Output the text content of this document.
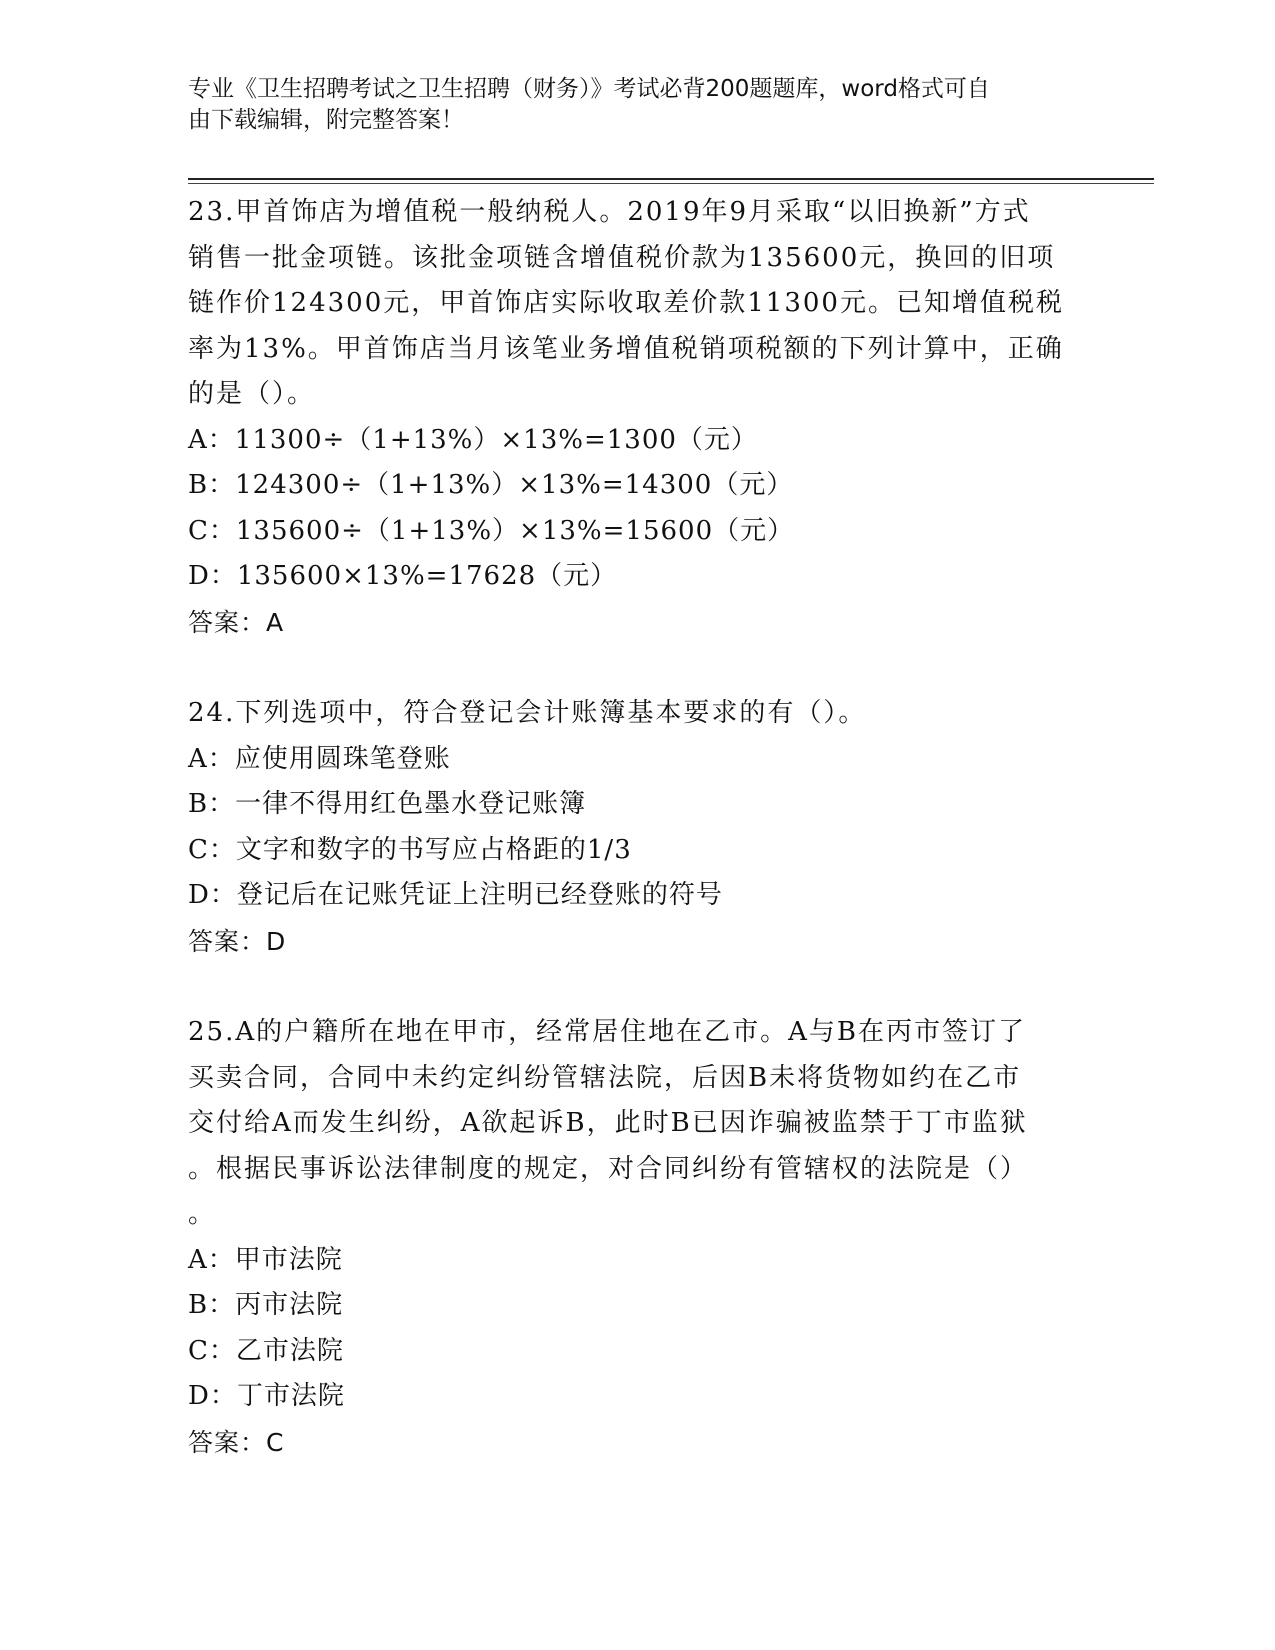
专业《卫生招聘考试之卫生招聘（财务）》考试必背200题题库，word格式可自
由下载编辑，附完整答案！
23.甲首饰店为增值税一般纳税人。2019年9月采取“以旧换新”方式
销售一批金项链。该批金项链含增值税价款为135600元，换回的旧项
链作价124300元，甲首饰店实际收取差价款11300元。已知增值税税
率为13%。甲首饰店当月该笔业务增值税销项税额的下列计算中，正确
的是（）。
A：11300÷（1+13%）×13%=1300（元）
B：124300÷（1+13%）×13%=14300（元）
C：135600÷（1+13%）×13%=15600（元）
D：135600×13%=17628（元）
答案：A
24.下列选项中，符合登记会计账簿基本要求的有（）。
A：应使用圆珠笔登账
B：一律不得用红色墨水登记账簿
C：文字和数字的书写应占格距的1/3
D：登记后在记账凭证上注明已经登账的符号
答案：D
25.A的户籍所在地在甲市，经常居住地在乙市。A与B在丙市签订了
买卖合同，合同中未约定纠纷管辖法院，后因B未将货物如约在乙市
交付给A而发生纠纷，A欲起诉B，此时B已因诈骗被监禁于丁市监狱
。根据民事诉讼法律制度的规定，对合同纠纷有管辖权的法院是（）
。
A：甲市法院
B：丙市法院
C：乙市法院
D：丁市法院
答案：C
